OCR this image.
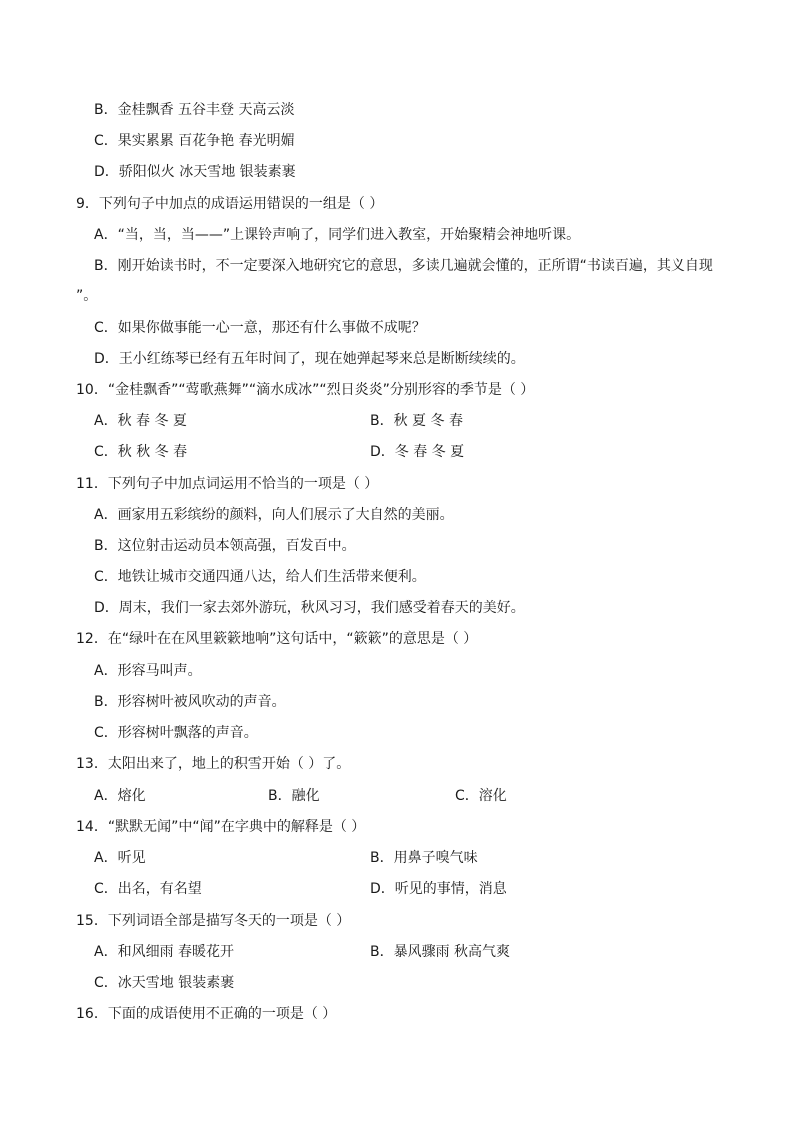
B．金桂飘香 五谷丰登 天高云淡
C．果实累累 百花争艳 春光明媚
D．骄阳似火 冰天雪地 银装素裹
9．下列句子中加点的成语运用错误的一组是（ ）
A．“当，当，当——”上课铃声响了，同学们进入教室，开始聚精会神地听课。
B．刚开始读书时，不一定要深入地研究它的意思，多读几遍就会懂的，正所谓“书读百遍，其义自现
”。
C．如果你做事能一心一意，那还有什么事做不成呢？
D．王小红练琴已经有五年时间了，现在她弹起琴来总是断断续续的。
10．“金桂飘香”“莺歌燕舞”“滴水成冰”“烈日炎炎”分别形容的季节是（ ）
A．秋 春 冬 夏	B．秋 夏 冬 春
C．秋 秋 冬 春	D．冬 春 冬 夏
11．下列句子中加点词运用不恰当的一项是（ ）
A．画家用五彩缤纷的颜料，向人们展示了大自然的美丽。
B．这位射击运动员本领高强，百发百中。
C．地铁让城市交通四通八达，给人们生活带来便利。
D．周末，我们一家去郊外游玩，秋风习习，我们感受着春天的美好。
12．在“绿叶在在风里簌簌地响”这句话中，“簌簌”的意思是（ ）
A．形容马叫声。
B．形容树叶被风吹动的声音。
C．形容树叶飘落的声音。
13．太阳出来了，地上的积雪开始（ ）了。
A．熔化	B．融化	C．溶化
14．“默默无闻”中“闻”在字典中的解释是（ ）
A．听见	B．用鼻子嗅气味
C．出名，有名望	D．听见的事情，消息
15．下列词语全部是描写冬天的一项是（ ）
A．和风细雨 春暖花开	B．暴风骤雨 秋高气爽
C．冰天雪地 银装素裹
16．下面的成语使用不正确的一项是（ ）
